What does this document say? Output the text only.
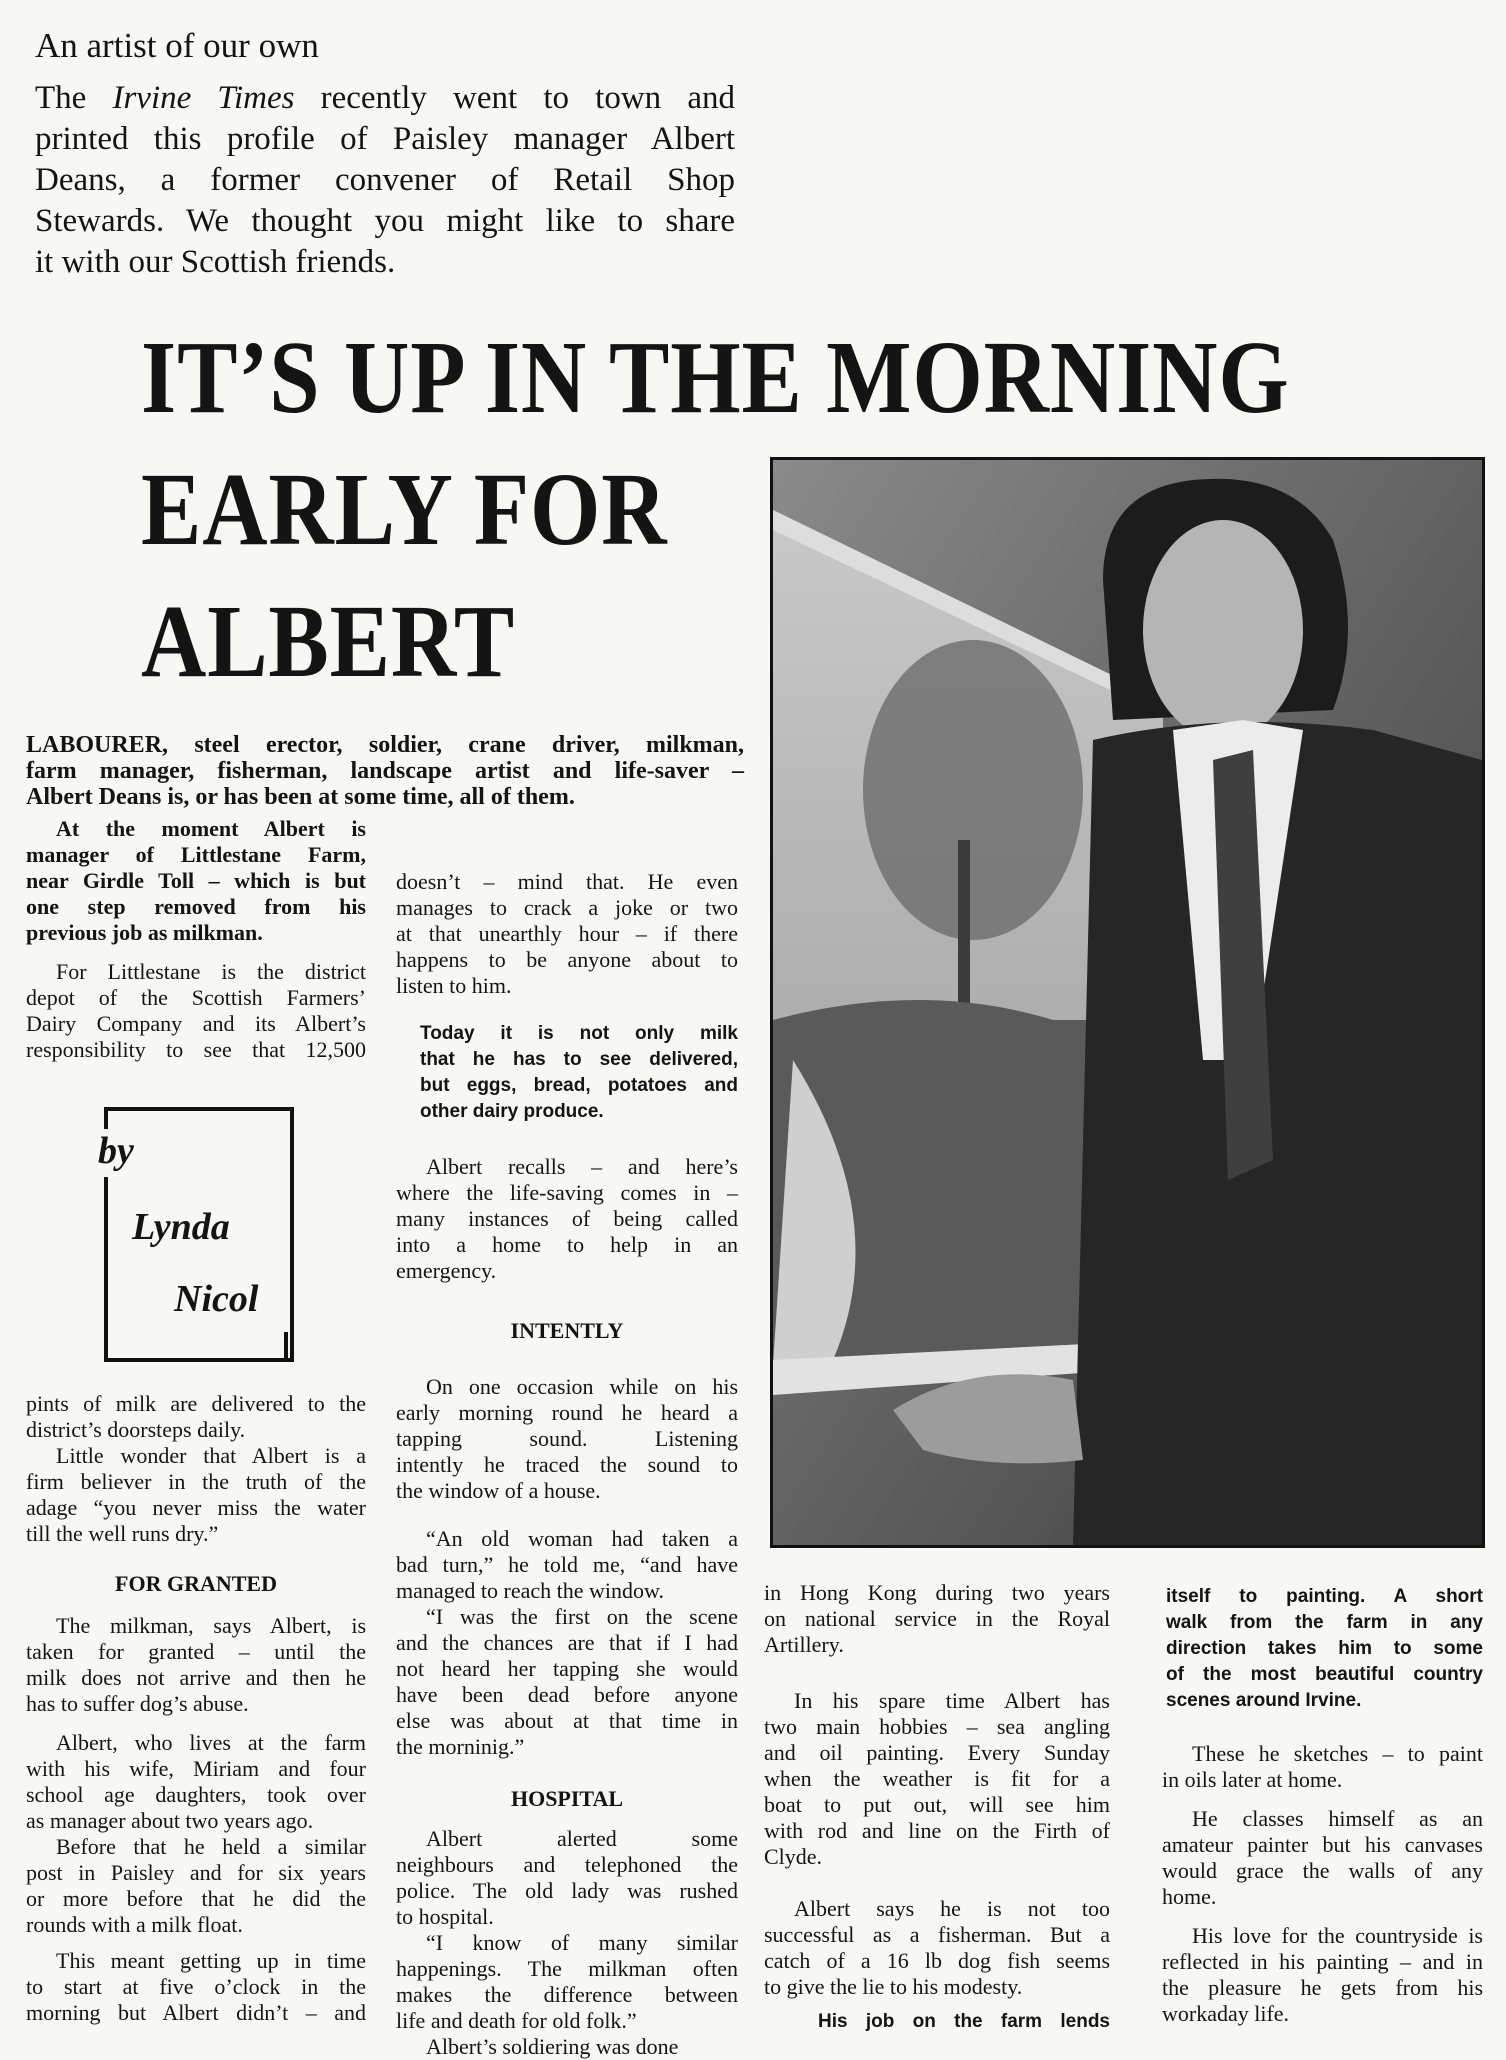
An artist of our own
The Irvine Times recently went to town and
printed this profile of Paisley manager Albert
Deans, a former convener of Retail Shop
Stewards. We thought you might like to share
it with our Scottish friends.
IT’S UP IN THE MORNING
EARLY FOR
ALBERT
LABOURER, steel erector, soldier, crane driver, milkman,
farm manager, fisherman, landscape artist and life-saver –
Albert Deans is, or has been at some time, all of them.

At the moment Albert is
manager of Littlestane Farm,
near Girdle Toll – which is but
one step removed from his
previous job as milkman.

For Littlestane is the district
depot of the Scottish Farmers’
Dairy Company and its Albert’s
responsibility to see that 12,500

by
Lynda
Nicol

pints of milk are delivered to the
district’s doorsteps daily.

Little wonder that Albert is a
firm believer in the truth of the
adage “you never miss the water
till the well runs dry.”

FOR GRANTED

The milkman, says Albert, is
taken for granted – until the
milk does not arrive and then he
has to suffer dog’s abuse.

Albert, who lives at the farm
with his wife, Miriam and four
school age daughters, took over
as manager about two years ago.

Before that he held a similar
post in Paisley and for six years
or more before that he did the
rounds with a milk float.

This meant getting up in time
to start at five o’clock in the
morning but Albert didn’t – and

doesn’t – mind that. He even
manages to crack a joke or two
at that unearthly hour – if there
happens to be anyone about to
listen to him.

Today it is not only milk
that he has to see delivered,
but eggs, bread, potatoes and
other dairy produce.

Albert recalls – and here’s
where the life-saving comes in –
many instances of being called
into a home to help in an
emergency.

INTENTLY

On one occasion while on his
early morning round he heard a
tapping sound. Listening
intently he traced the sound to
the window of a house.

“An old woman had taken a
bad turn,” he told me, “and have
managed to reach the window.

“I was the first on the scene
and the chances are that if I had
not heard her tapping she would
have been dead before anyone
else was about at that time in
the morninig.”

HOSPITAL

Albert alerted some
neighbours and telephoned the
police. The old lady was rushed
to hospital.

“I know of many similar
happenings. The milkman often
makes the difference between
life and death for old folk.”

Albert’s soldiering was done

in Hong Kong during two years
on national service in the Royal
Artillery.

In his spare time Albert has
two main hobbies – sea angling
and oil painting. Every Sunday
when the weather is fit for a
boat to put out, will see him
with rod and line on the Firth of
Clyde.

Albert says he is not too
successful as a fisherman. But a
catch of a 16 lb dog fish seems
to give the lie to his modesty.

His job on the farm lends

itself to painting. A short
walk from the farm in any
direction takes him to some
of the most beautiful country
scenes around Irvine.

These he sketches – to paint
in oils later at home.

He classes himself as an
amateur painter but his canvases
would grace the walls of any
home.

His love for the countryside is
reflected in his painting – and in
the pleasure he gets from his
workaday life.
